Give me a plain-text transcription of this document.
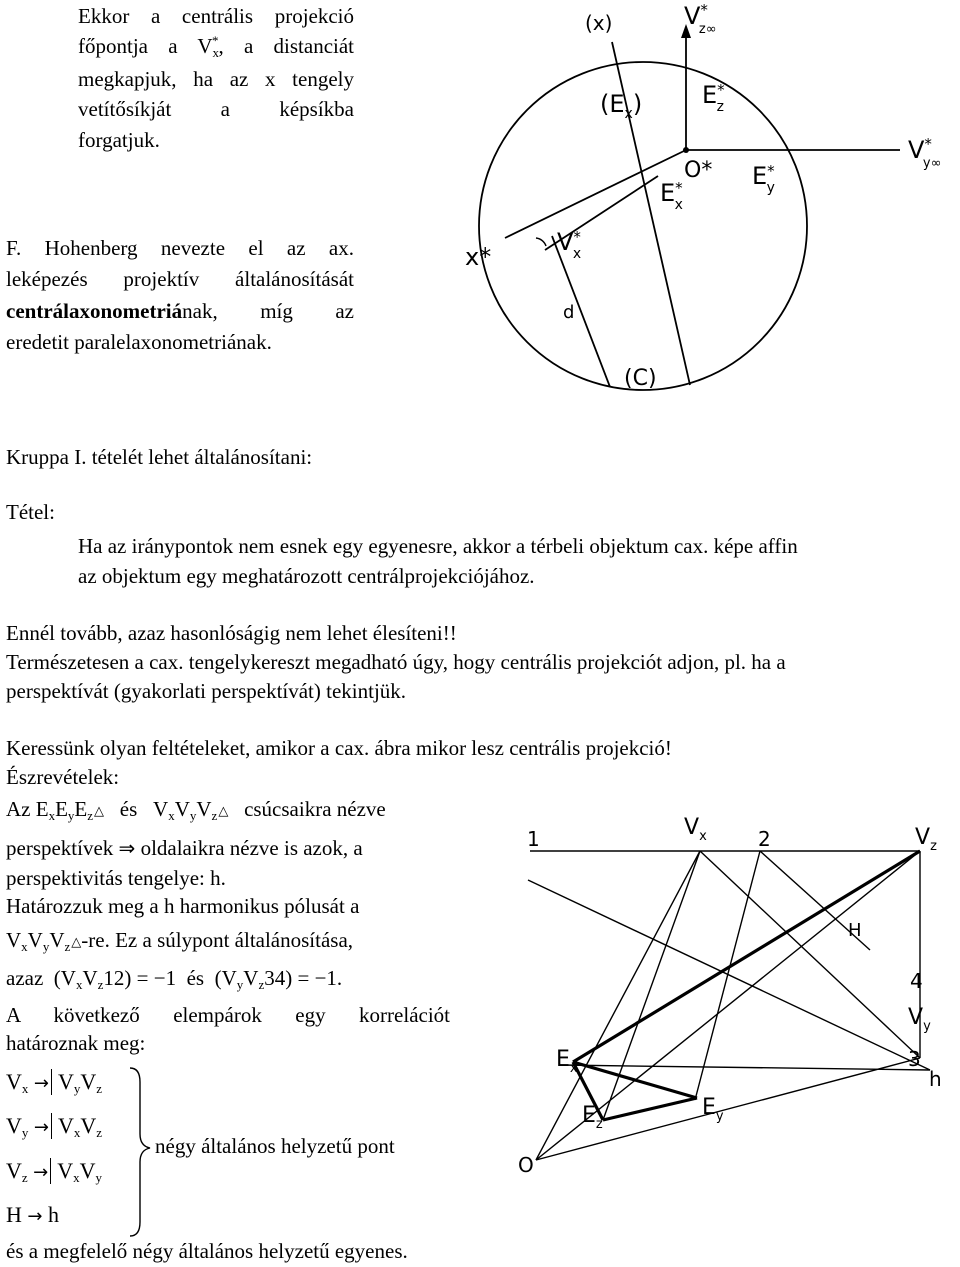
Ekkor a centrális projekció
főpontja a $V_x^*$, a distanciát
megkapjuk, ha az x tengely
vetítősíkját a képsíkba
forgatjuk.
F. Hohenberg nevezte el az ax.
leképezés projektív általánosítását
centrálaxonometriának, míg az
eredetit paralelaxonometriának.
(x)	V* z∞
$(E_x)$ E* z
V* y∞
O* E* y
E* x
x*
V* x
d
(C)
Kruppa I. tételét lehet általánosítani:
Tétel:
Ha az iránypontok nem esnek egy egyenesre, akkor a térbeli objektum cax. képe affin
az objektum egy meghatározott centrálprojekciójához.
Ennél tovább, azaz hasonlóságig nem lehet élesíteni!!
Természetesen a cax. tengelykereszt megadható úgy, hogy centrális projekciót adjon, pl. ha a
perspektívát (gyakorlati perspektívát) tekintjük.
Keressünk olyan feltételeket, amikor a cax. ábra mikor lesz centrális projekció!
Észrevételek:
Az $E_xE_yE_z\triangle$ és $V_xV_yV_z\triangle$ csúcsaikra nézve
perspektívek ⇒ oldalaikra nézve is azok, a
perspektivitás tengelye: h.
Határozzuk meg a h harmonikus pólusát a
$V_xV_yV_z\triangle-re$. Ez a súlypont általánosítása,
azaz $(V_xV_z12) = -1$ és $(V_yV_z34) = -1$.
A következő elempárok egy korrelációt
határoznak meg:
$V_x \to V_yV_z$
$V_y \to V_xV_z$
$V_z \to V_xV_y$
H → h
négy általános helyzetű pont
és a megfelelő négy általános helyzetű egyenes.
1	$V_x$	2	$V_z$
H
4
$V_y$
3
h
$E_x$
$E_z$
$E_y$
O
